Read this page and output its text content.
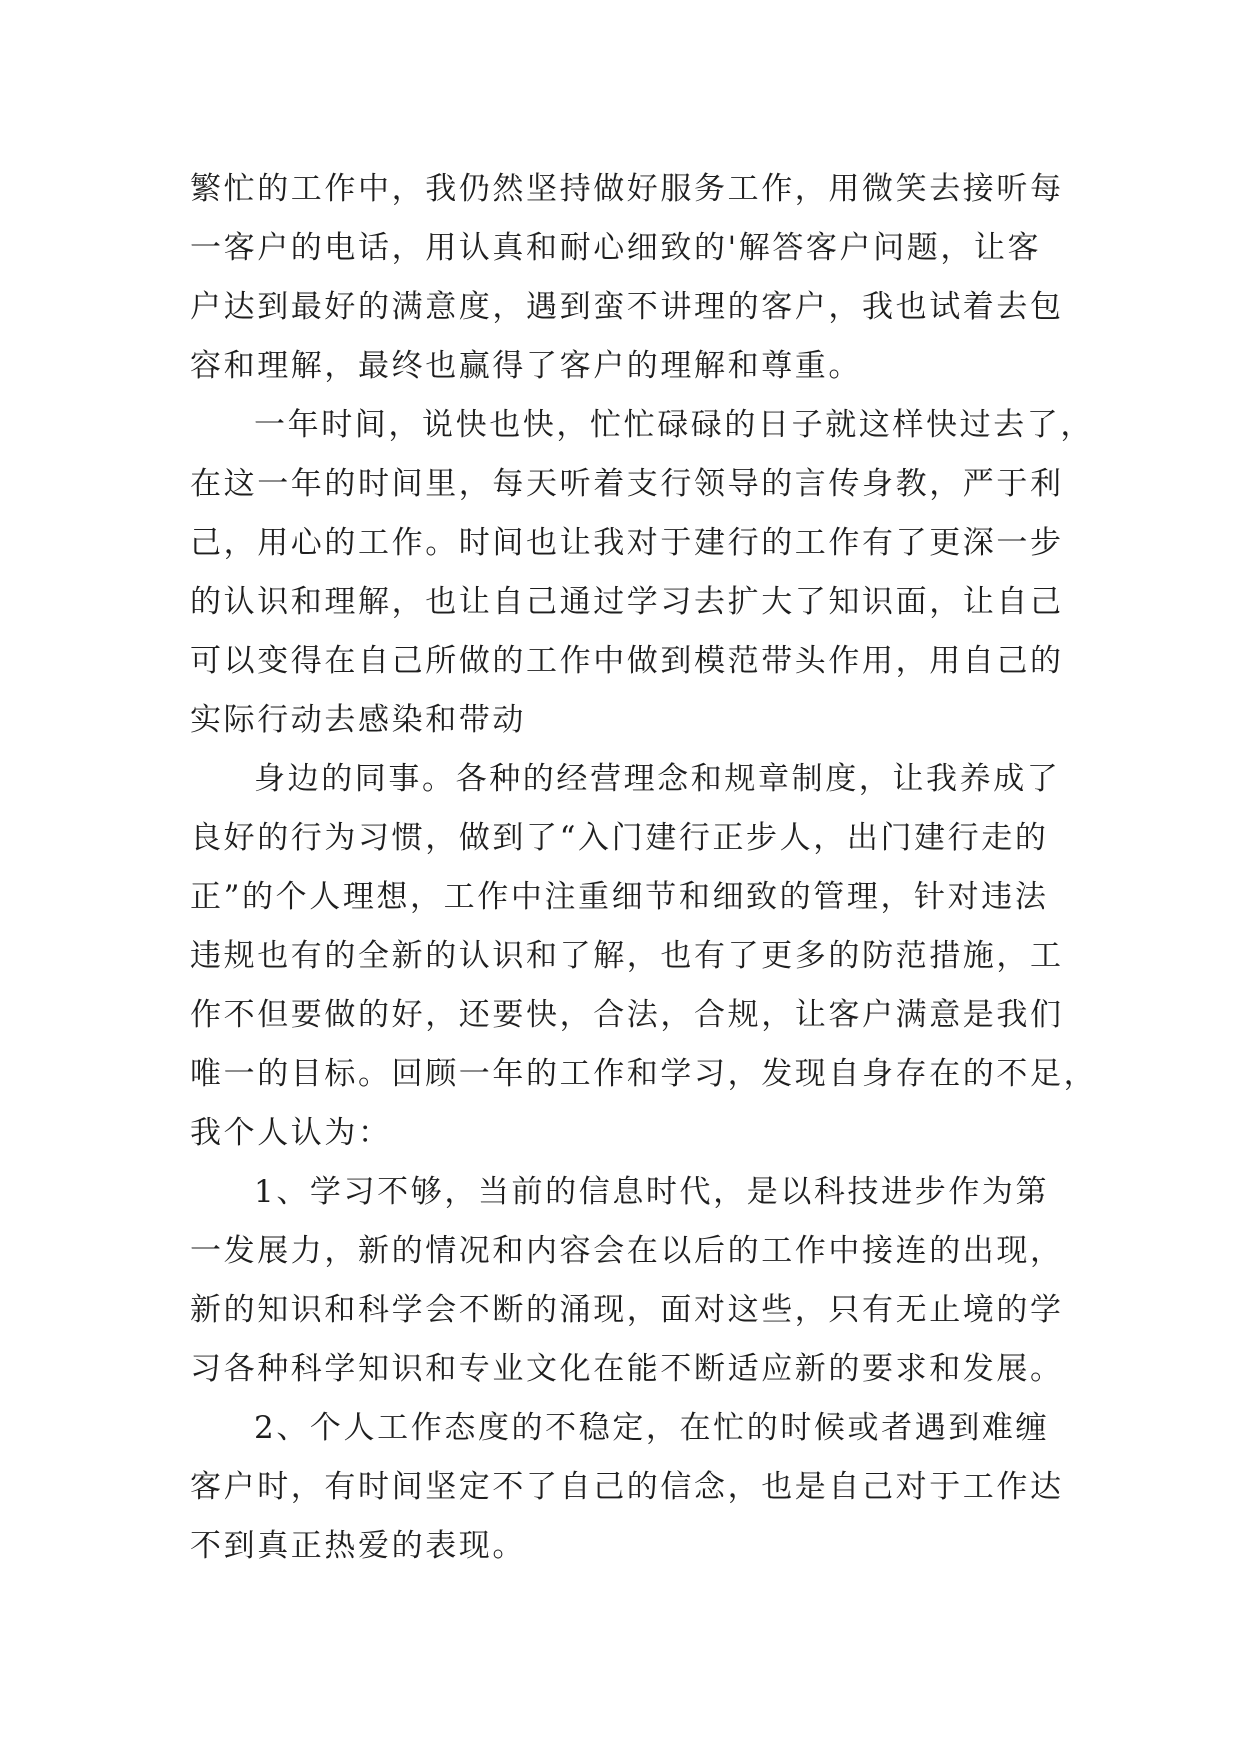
繁忙的工作中，我仍然坚持做好服务工作，用微笑去接听每
一客户的电话，用认真和耐心细致的'解答客户问题，让客
户达到最好的满意度，遇到蛮不讲理的客户，我也试着去包
容和理解，最终也赢得了客户的理解和尊重。
一年时间，说快也快，忙忙碌碌的日子就这样快过去了，
在这一年的时间里，每天听着支行领导的言传身教，严于利
己，用心的工作。时间也让我对于建行的工作有了更深一步
的认识和理解，也让自己通过学习去扩大了知识面，让自己
可以变得在自己所做的工作中做到模范带头作用，用自己的
实际行动去感染和带动
身边的同事。各种的经营理念和规章制度，让我养成了
良好的行为习惯，做到了“入门建行正步人，出门建行走的
正”的个人理想，工作中注重细节和细致的管理，针对违法
违规也有的全新的认识和了解，也有了更多的防范措施，工
作不但要做的好，还要快，合法，合规，让客户满意是我们
唯一的目标。回顾一年的工作和学习，发现自身存在的不足，
我个人认为：
1、学习不够，当前的信息时代，是以科技进步作为第
一发展力，新的情况和内容会在以后的工作中接连的出现，
新的知识和科学会不断的涌现，面对这些，只有无止境的学
习各种科学知识和专业文化在能不断适应新的要求和发展。
2、个人工作态度的不稳定，在忙的时候或者遇到难缠
客户时，有时间坚定不了自己的信念，也是自己对于工作达
不到真正热爱的表现。
